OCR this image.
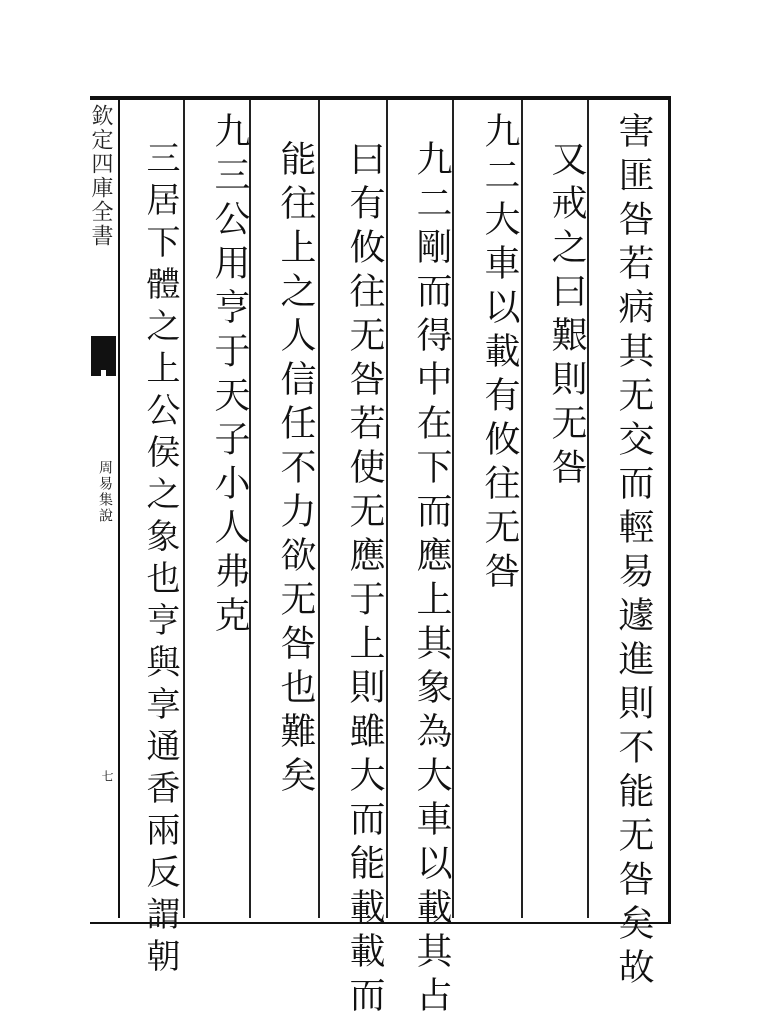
欽定四庫全書
周易集說
七	害匪咎若病其无交而輕易遽進則不能无咎矣故
又戒之曰艱則无咎
九二大車以載有攸往无咎
九二剛而得中在下而應上其象為大車以載其占
曰有攸往无咎若使无應于上則雖大而能載載而
能往上之人信任不力欲无咎也難矣
九三公用亨于天子小人弗克
三居下體之上公侯之象也亨與享通香兩反謂朝
